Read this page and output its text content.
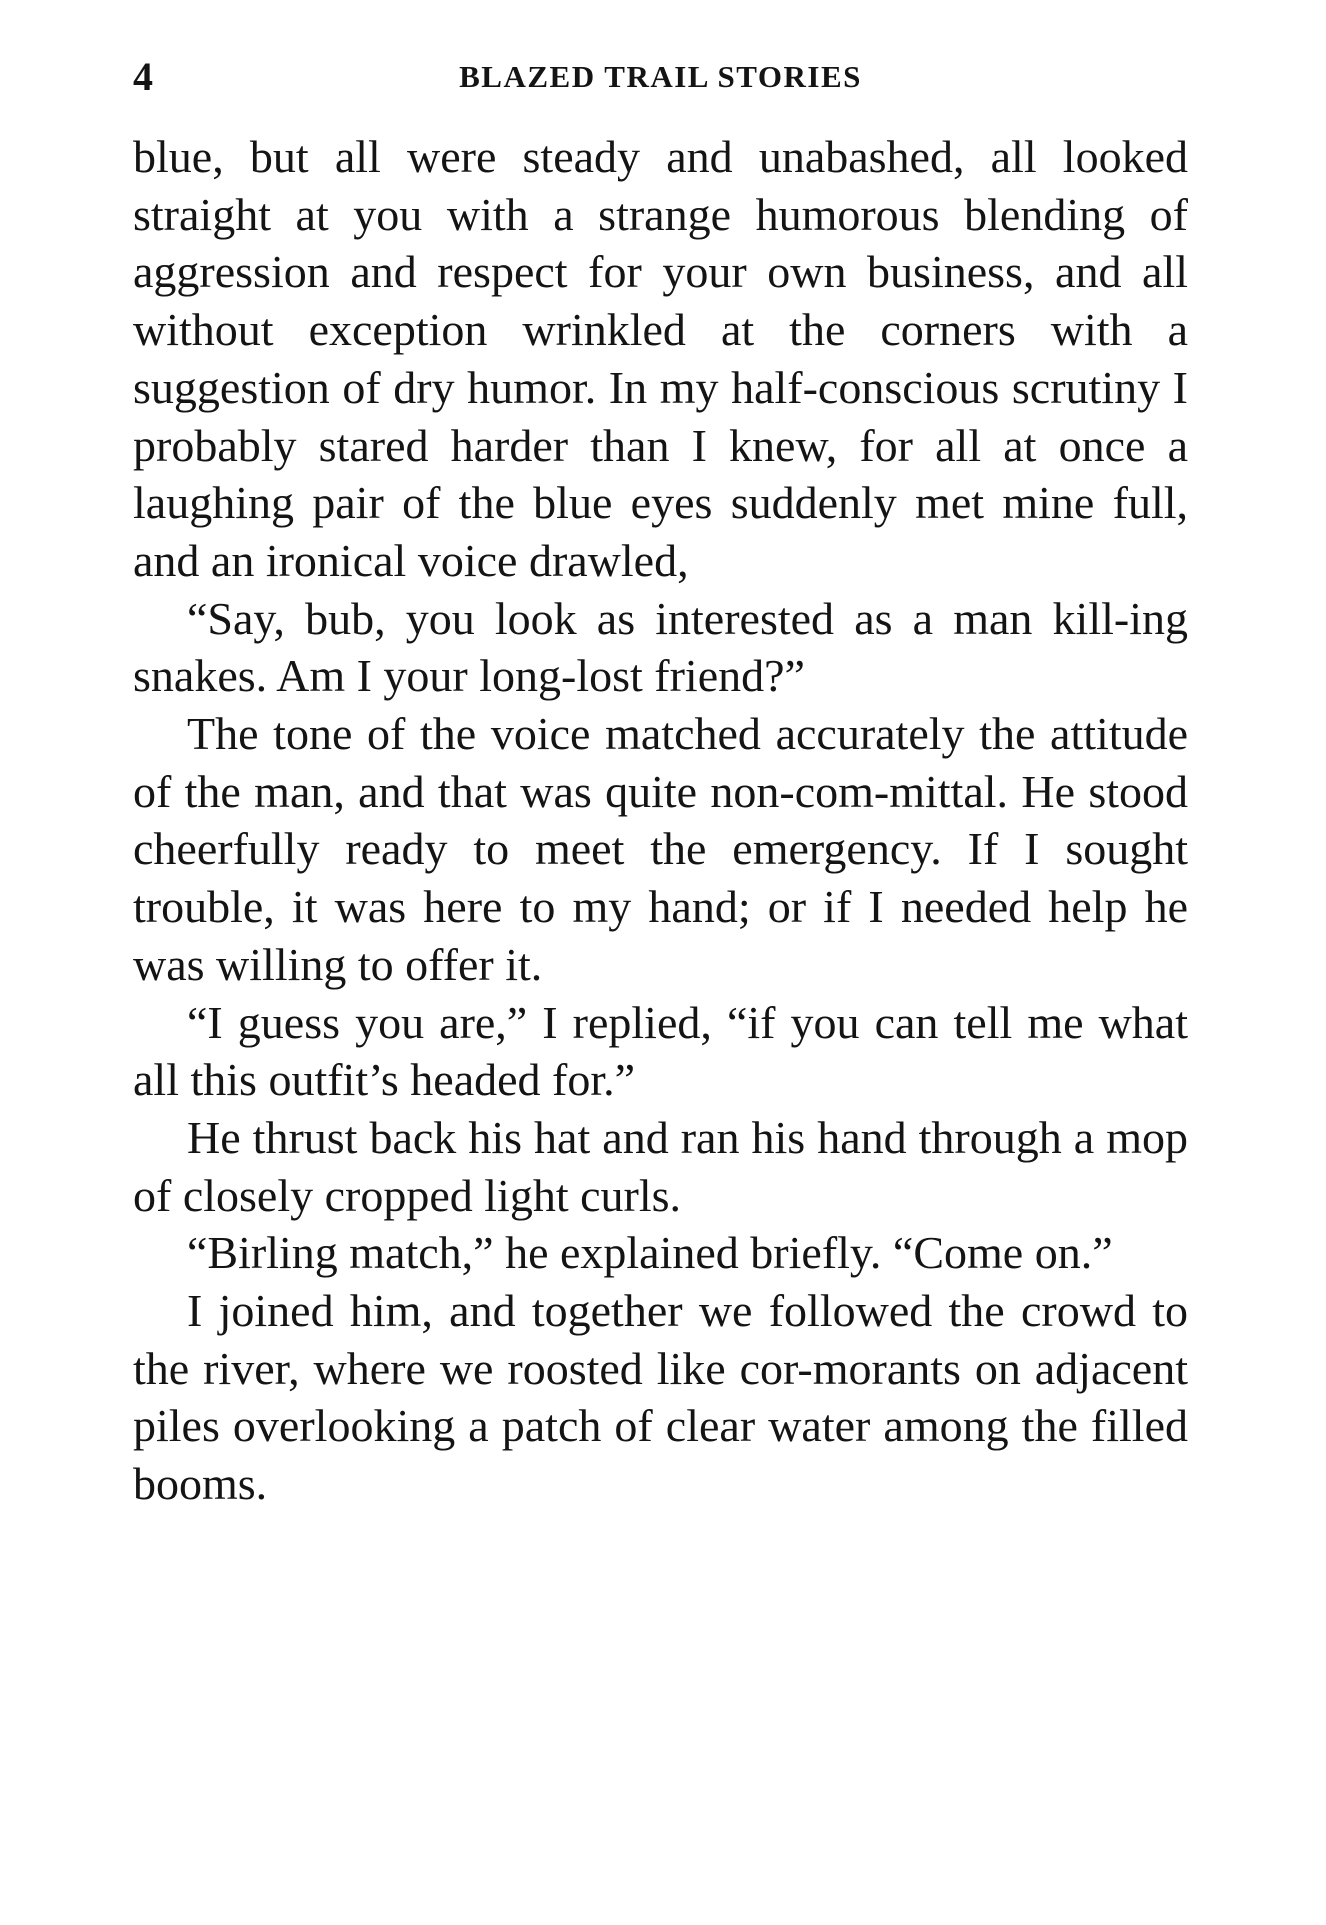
4	BLAZED TRAIL STORIES

blue, but all were steady and unabashed, all looked straight at you with a strange humorous blending of aggression and respect for your own business, and all without exception wrinkled at the corners with a suggestion of dry humor. In my half-conscious scrutiny I probably stared harder than I knew, for all at once a laughing pair of the blue eyes suddenly met mine full, and an ironical voice drawled,

“Say, bub, you look as interested as a man kill-ing snakes. Am I your long-lost friend?”

The tone of the voice matched accurately the attitude of the man, and that was quite non-com-mittal. He stood cheerfully ready to meet the emergency. If I sought trouble, it was here to my hand; or if I needed help he was willing to offer it.

“I guess you are,” I replied, “if you can tell me what all this outfit’s headed for.”

He thrust back his hat and ran his hand through a mop of closely cropped light curls.

“Birling match,” he explained briefly. “Come on.”

I joined him, and together we followed the crowd to the river, where we roosted like cor-morants on adjacent piles overlooking a patch of clear water among the filled booms.
